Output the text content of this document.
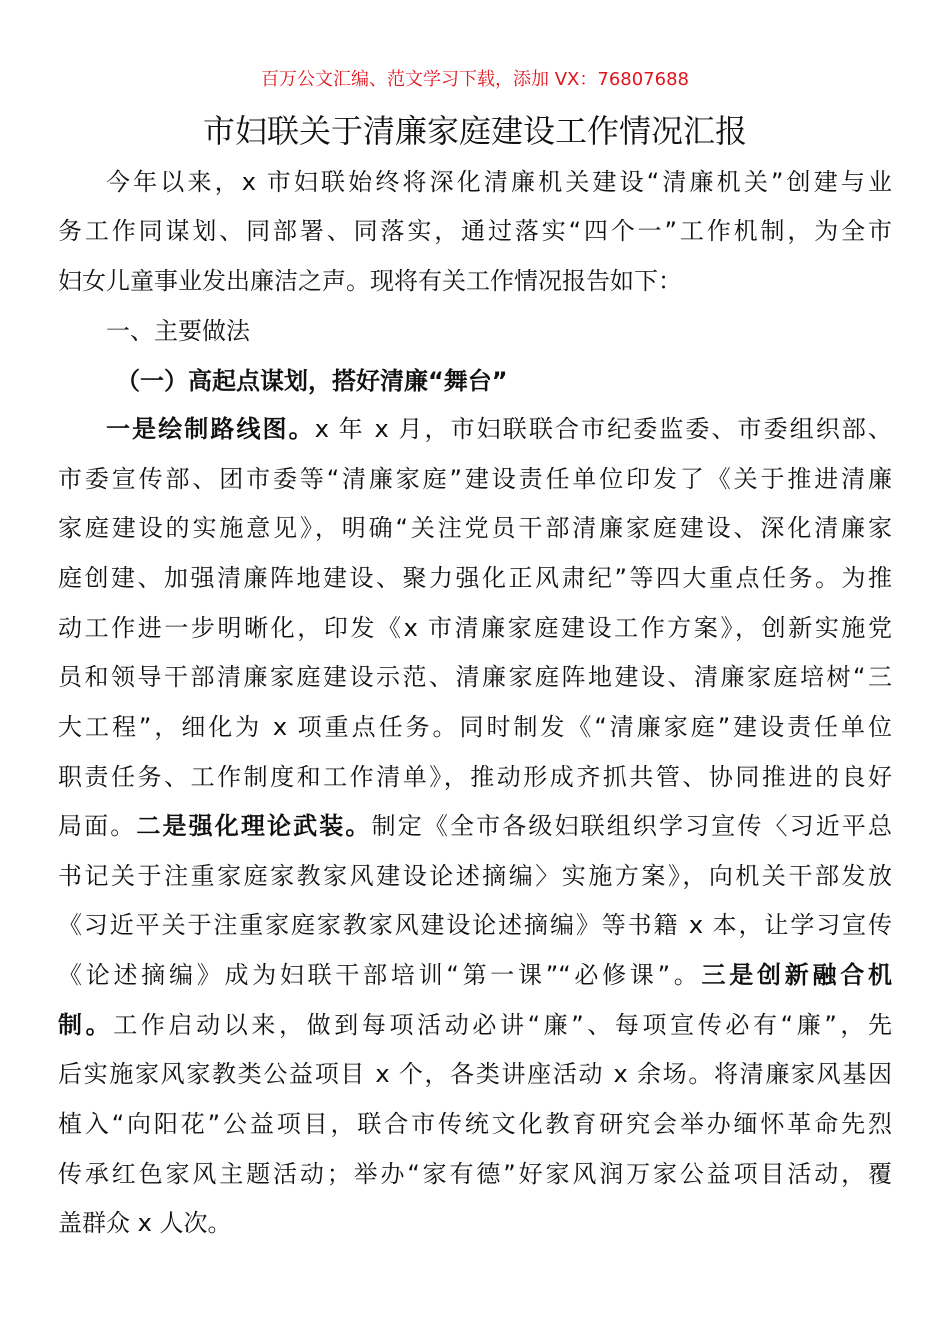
百万公文汇编、范文学习下载，添加 VX：76807688
市妇联关于清廉家庭建设工作情况汇报
今年以来，x 市妇联始终将深化清廉机关建设“清廉机关”创建与业
务工作同谋划、同部署、同落实，通过落实“四个一”工作机制，为全市
妇女儿童事业发出廉洁之声。现将有关工作情况报告如下：
一、主要做法
（一）高起点谋划，搭好清廉“舞台”
一是绘制路线图。x 年 x 月，市妇联联合市纪委监委、市委组织部、
市委宣传部、团市委等“清廉家庭”建设责任单位印发了《关于推进清廉
家庭建设的实施意见》，明确“关注党员干部清廉家庭建设、深化清廉家
庭创建、加强清廉阵地建设、聚力强化正风肃纪”等四大重点任务。为推
动工作进一步明晰化，印发《x 市清廉家庭建设工作方案》，创新实施党
员和领导干部清廉家庭建设示范、清廉家庭阵地建设、清廉家庭培树“三
大工程”，细化为 x 项重点任务。同时制发《“清廉家庭”建设责任单位
职责任务、工作制度和工作清单》，推动形成齐抓共管、协同推进的良好
局面。二是强化理论武装。制定《全市各级妇联组织学习宣传〈习近平总
书记关于注重家庭家教家风建设论述摘编〉实施方案》，向机关干部发放
《习近平关于注重家庭家教家风建设论述摘编》等书籍 x 本，让学习宣传
《论述摘编》成为妇联干部培训“第一课”“必修课”。三是创新融合机
制。工作启动以来，做到每项活动必讲“廉”、每项宣传必有“廉”，先
后实施家风家教类公益项目 x 个，各类讲座活动 x 余场。将清廉家风基因
植入“向阳花”公益项目，联合市传统文化教育研究会举办缅怀革命先烈
传承红色家风主题活动；举办“家有德”好家风润万家公益项目活动，覆
盖群众 x 人次。
